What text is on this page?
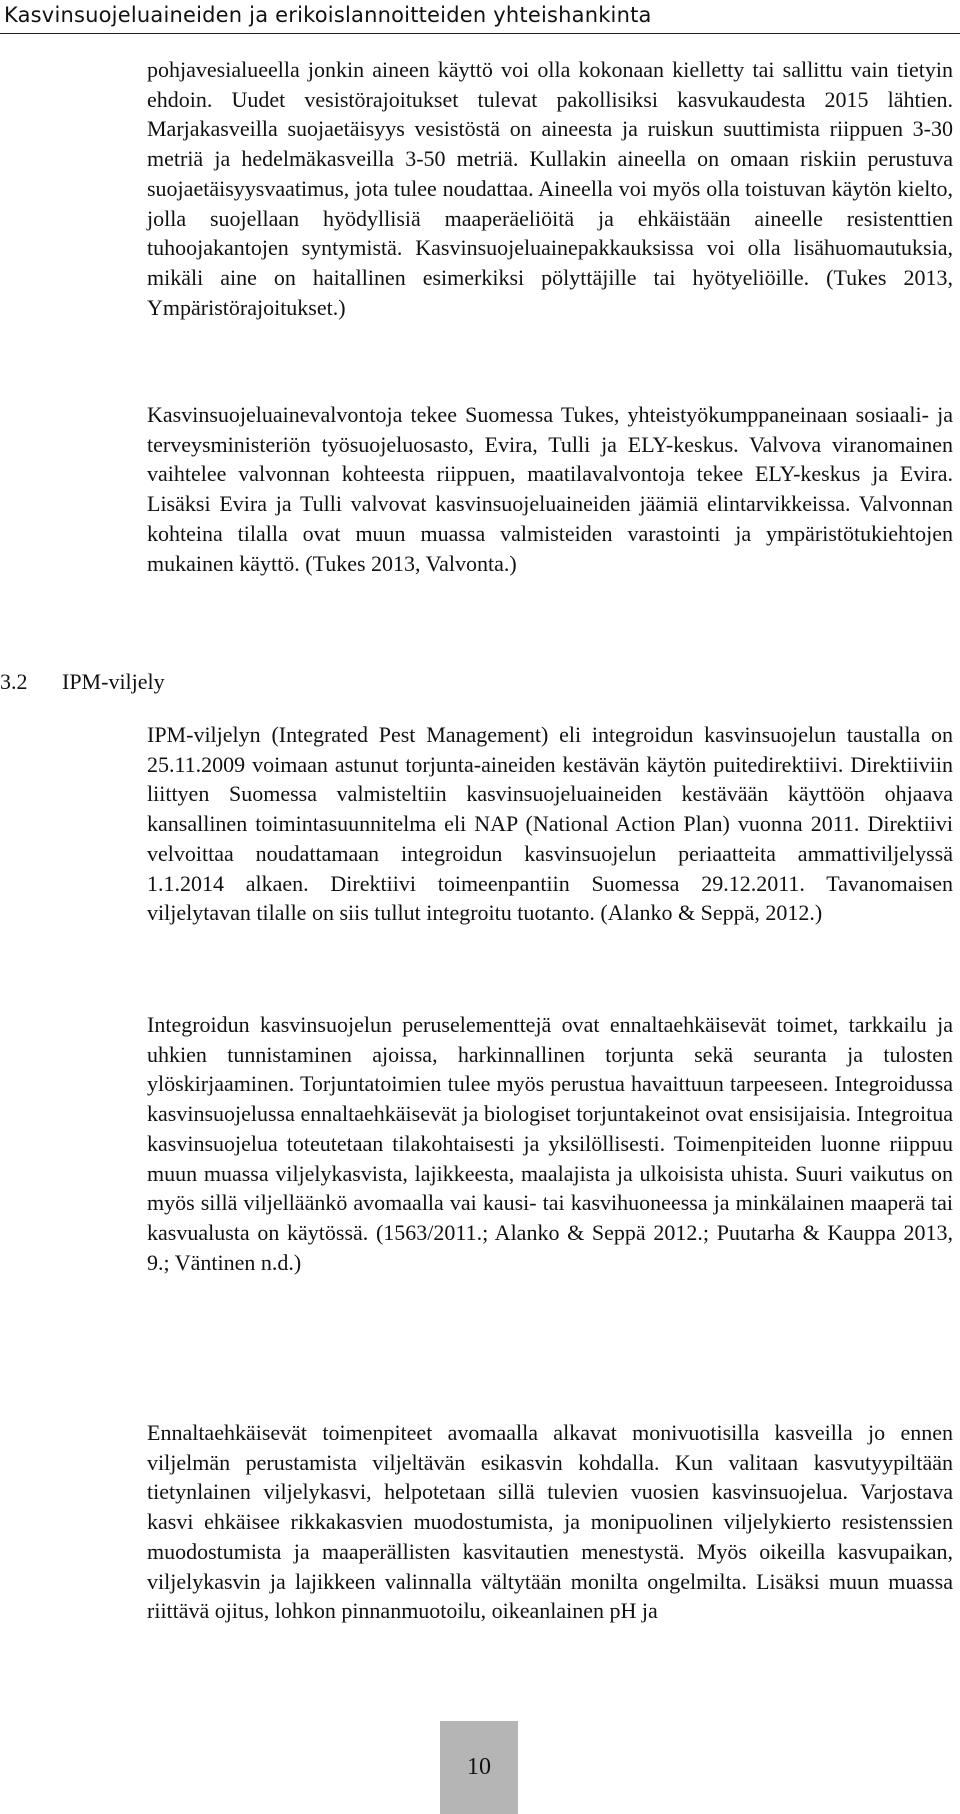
Kasvinsuojeluaineiden ja erikoislannoitteiden yhteishankinta

pohjavesialueella jonkin aineen käyttö voi olla kokonaan kielletty tai sallittu vain tietyin ehdoin. Uudet vesistörajoitukset tulevat pakollisiksi kasvukaudesta 2015 lähtien. Marjakasveilla suojaetäisyys vesistöstä on aineesta ja ruiskun suuttimista riippuen 3-30 metriä ja hedelmäkasveilla 3-50 metriä. Kullakin aineella on omaan riskiin perustuva suojaetäisyysvaatimus, jota tulee noudattaa. Aineella voi myös olla toistuvan käytön kielto, jolla suojellaan hyödyllisiä maaperäeliöitä ja ehkäistään aineelle resistenttien tuhoojakantojen syntymistä. Kasvinsuojeluainepakkauksissa voi olla lisähuomautuksia, mikäli aine on haitallinen esimerkiksi pölyttäjille tai hyötyeliöille. (Tukes 2013, Ympäristörajoitukset.)

Kasvinsuojeluainevalvontoja tekee Suomessa Tukes, yhteistyökumppaneinaan sosiaali- ja terveysministeriön työsuojeluosasto, Evira, Tulli ja ELY-keskus. Valvova viranomainen vaihtelee valvonnan kohteesta riippuen, maatilavalvontoja tekee ELY-keskus ja Evira. Lisäksi Evira ja Tulli valvovat kasvinsuojeluaineiden jäämiä elintarvikkeissa. Valvonnan kohteina tilalla ovat muun muassa valmisteiden varastointi ja ympäristötukiehtojen mukainen käyttö. (Tukes 2013, Valvonta.)

3.2 IPM-viljely

IPM-viljelyn (Integrated Pest Management) eli integroidun kasvinsuojelun taustalla on 25.11.2009 voimaan astunut torjunta-aineiden kestävän käytön puitedirektiivi. Direktiiviin liittyen Suomessa valmisteltiin kasvinsuojeluaineiden kestävään käyttöön ohjaava kansallinen toimintasuunnitelma eli NAP (National Action Plan) vuonna 2011. Direktiivi velvoittaa noudattamaan integroidun kasvinsuojelun periaatteita ammattiviljelyssä 1.1.2014 alkaen. Direktiivi toimeenpantiin Suomessa 29.12.2011. Tavanomaisen viljelytavan tilalle on siis tullut integroitu tuotanto. (Alanko & Seppä, 2012.)

Integroidun kasvinsuojelun peruselementtejä ovat ennaltaehkäisevät toimet, tarkkailu ja uhkien tunnistaminen ajoissa, harkinnallinen torjunta sekä seuranta ja tulosten ylöskirjaaminen. Torjuntatoimien tulee myös perustua havaittuun tarpeeseen. Integroidussa kasvinsuojelussa ennaltaehkäisevät ja biologiset torjuntakeinot ovat ensisijaisia. Integroitua kasvinsuojelua toteutetaan tilakohtaisesti ja yksilöllisesti. Toimenpiteiden luonne riippuu muun muassa viljelykasvista, lajikkeesta, maalajista ja ulkoisista uhista. Suuri vaikutus on myös sillä viljelläänkö avomaalla vai kausi- tai kasvihuoneessa ja minkälainen maaperä tai kasvualusta on käytössä. (1563/2011.; Alanko & Seppä 2012.; Puutarha & Kauppa 2013, 9.; Väntinen n.d.)

Ennaltaehkäisevät toimenpiteet avomaalla alkavat monivuotisilla kasveilla jo ennen viljelmän perustamista viljeltävän esikasvin kohdalla. Kun valitaan kasvutyypiltään tietynlainen viljelykasvi, helpotetaan sillä tulevien vuosien kasvinsuojelua. Varjostava kasvi ehkäisee rikkakasvien muodostumista, ja monipuolinen viljelykierto resistenssien muodostumista ja maaperällisten kasvitautien menestystä. Myös oikeilla kasvupaikan, viljelykasvin ja lajikkeen valinnalla vältytään monilta ongelmilta. Lisäksi muun muassa riittävä ojitus, lohkon pinnanmuotoilu, oikeanlainen pH ja

10
